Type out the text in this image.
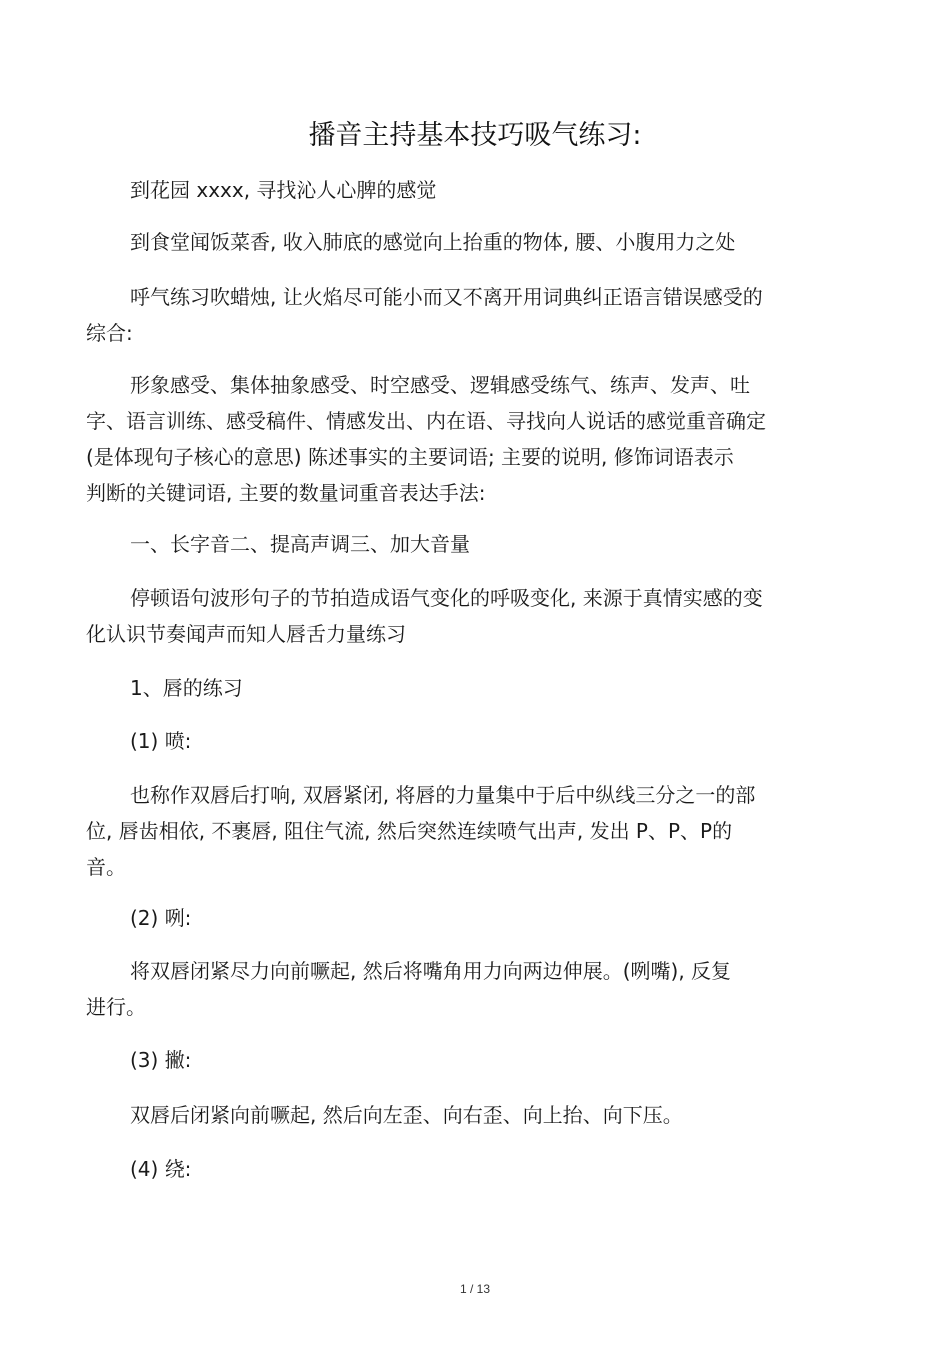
播音主持基本技巧吸气练习:
到花园 xxxx, 寻找沁人心脾的感觉
到食堂闻饭菜香, 收入肺底的感觉向上抬重的物体, 腰、小腹用力之处
呼气练习吹蜡烛, 让火焰尽可能小而又不离开用词典纠正语言错误感受的
综合:
形象感受、集体抽象感受、时空感受、逻辑感受练气、练声、发声、吐
字、语言训练、感受稿件、情感发出、内在语、寻找向人说话的感觉重音确定
(是体现句子核心的意思) 陈述事实的主要词语; 主要的说明, 修饰词语表示
判断的关键词语, 主要的数量词重音表达手法:
一、长字音二、提高声调三、加大音量
停顿语句波形句子的节拍造成语气变化的呼吸变化, 来源于真情实感的变
化认识节奏闻声而知人唇舌力量练习
1、唇的练习
(1) 喷:
也称作双唇后打响, 双唇紧闭, 将唇的力量集中于后中纵线三分之一的部
位, 唇齿相依, 不裹唇, 阻住气流, 然后突然连续喷气出声, 发出 P、P、P的
音。
(2) 咧:
将双唇闭紧尽力向前噘起, 然后将嘴角用力向两边伸展。(咧嘴), 反复
进行。
(3) 撇:
双唇后闭紧向前噘起, 然后向左歪、向右歪、向上抬、向下压。
(4) 绕:
1 / 13
